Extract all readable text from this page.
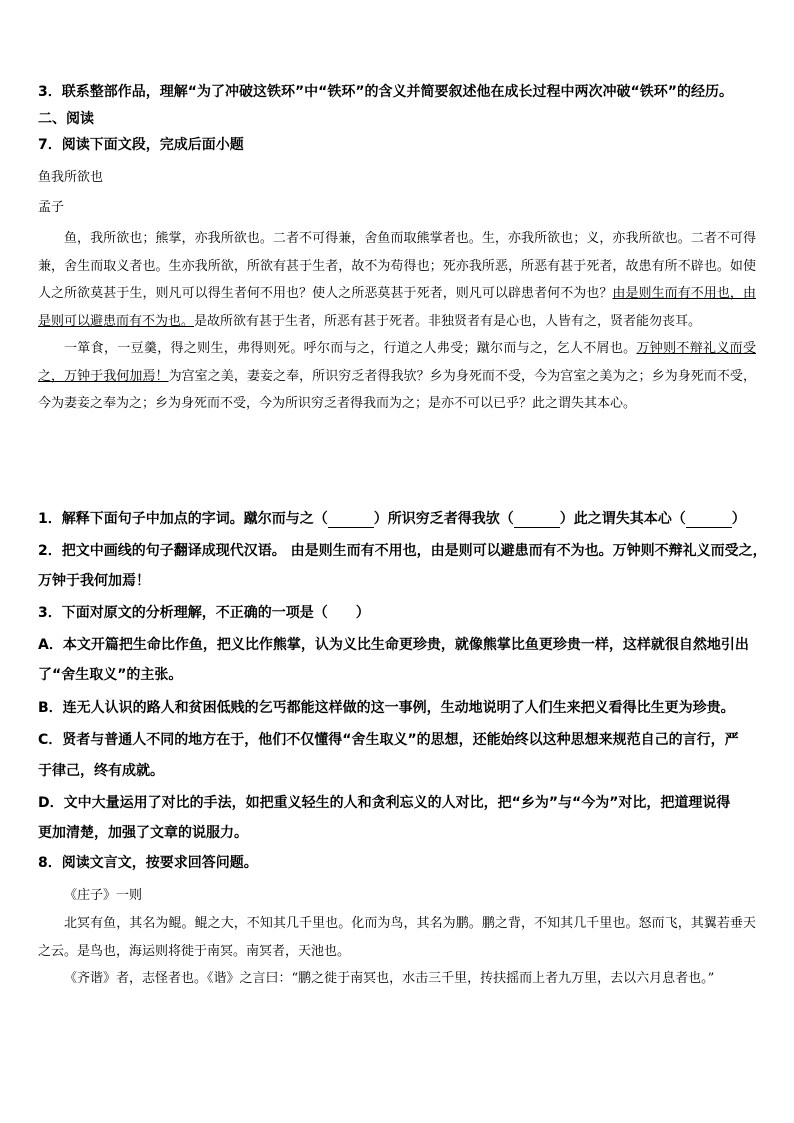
3．联系整部作品，理解“为了冲破这铁环”中“铁环”的含义并简要叙述他在成长过程中两次冲破“铁环”的经历。
二、阅读
7．阅读下面文段，完成后面小题
鱼我所欲也
孟子

鱼，我所欲也；熊掌，亦我所欲也。二者不可得兼，舍鱼而取熊掌者也。生，亦我所欲也；义，亦我所欲也。二者不可得兼，舍生而取义者也。生亦我所欲，所欲有甚于生者，故不为苟得也；死亦我所恶，所恶有甚于死者，故患有所不辟也。如使人之所欲莫甚于生，则凡可以得生者何不用也？使人之所恶莫甚于死者，则凡可以辟患者何不为也？由是则生而有不用也，由是则可以避患而有不为也。是故所欲有甚于生者，所恶有甚于死者。非独贤者有是心也，人皆有之，贤者能勿丧耳。

一箪食，一豆羹，得之则生，弗得则死。呼尔而与之，行道之人弗受；蹴尔而与之，乞人不屑也。万钟则不辩礼义而受之，万钟于我何加焉！为宫室之美，妻妾之奉，所识穷乏者得我欤？乡为身死而不受，今为宫室之美为之；乡为身死而不受，今为妻妾之奉为之；乡为身死而不受，今为所识穷乏者得我而为之；是亦不可以已乎？此之谓失其本心。

1．解释下面句子中加点的字词。蹴尔而与之（	）所识穷乏者得我欤（	）此之谓失其本心（	）
2．把文中画线的句子翻译成现代汉语。 由是则生而有不用也，由是则可以避患而有不为也。万钟则不辩礼义而受之，
万钟于我何加焉！
3．下面对原文的分析理解，不正确的一项是（　　）
A．本文开篇把生命比作鱼，把义比作熊掌，认为义比生命更珍贵，就像熊掌比鱼更珍贵一样，这样就很自然地引出
了“舍生取义”的主张。
B．连无人认识的路人和贫困低贱的乞丐都能这样做的这一事例，生动地说明了人们生来把义看得比生更为珍贵。
C．贤者与普通人不同的地方在于，他们不仅懂得“舍生取义”的思想，还能始终以这种思想来规范自己的言行，严
于律己，终有成就。
D．文中大量运用了对比的手法，如把重义轻生的人和贪利忘义的人对比，把“乡为”与“今为”对比，把道理说得
更加清楚，加强了文章的说服力。
8．阅读文言文，按要求回答问题。
《庄子》一则

北冥有鱼，其名为鲲。鲲之大，不知其几千里也。化而为鸟，其名为鹏。鹏之背，不知其几千里也。怒而飞，其翼若垂天之云。是鸟也，海运则将徙于南冥。南冥者，天池也。

《齐谐》者，志怪者也。《谐》之言曰：“鹏之徙于南冥也，水击三千里，抟扶摇而上者九万里，去以六月息者也。”
